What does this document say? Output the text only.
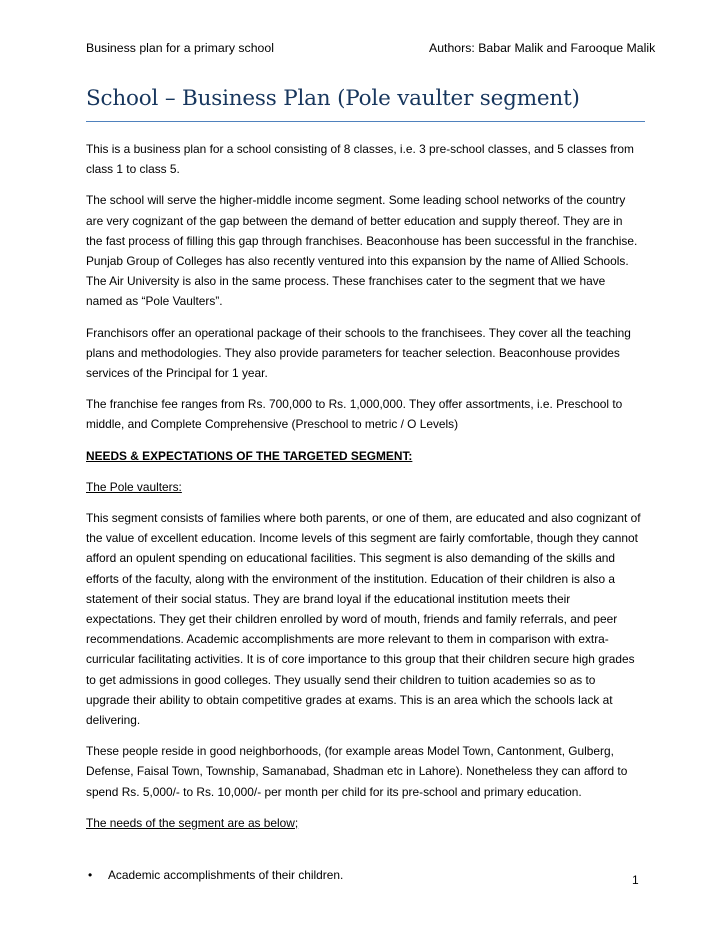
Business plan for a primary school	Authors: Babar Malik and Farooque Malik
School – Business Plan (Pole vaulter segment)

This is a business plan for a school consisting of 8 classes, i.e. 3 pre-school classes, and 5 classes from class 1 to class 5.

The school will serve the higher-middle income segment. Some leading school networks of the country are very cognizant of the gap between the demand of better education and supply thereof. They are in the fast process of filling this gap through franchises. Beaconhouse has been successful in the franchise. Punjab Group of Colleges has also recently ventured into this expansion by the name of Allied Schools. The Air University is also in the same process. These franchises cater to the segment that we have named as “Pole Vaulters”.

Franchisors offer an operational package of their schools to the franchisees. They cover all the teaching plans and methodologies. They also provide parameters for teacher selection. Beaconhouse provides services of the Principal for 1 year.

The franchise fee ranges from Rs. 700,000 to Rs. 1,000,000. They offer assortments, i.e. Preschool to middle, and Complete Comprehensive (Preschool to metric / O Levels)

NEEDS & EXPECTATIONS OF THE TARGETED SEGMENT:

The Pole vaulters:

This segment consists of families where both parents, or one of them, are educated and also cognizant of the value of excellent education. Income levels of this segment are fairly comfortable, though they cannot afford an opulent spending on educational facilities. This segment is also demanding of the skills and efforts of the faculty, along with the environment of the institution. Education of their children is also a statement of their social status. They are brand loyal if the educational institution meets their expectations. They get their children enrolled by word of mouth, friends and family referrals, and peer recommendations. Academic accomplishments are more relevant to them in comparison with extra-curricular facilitating activities. It is of core importance to this group that their children secure high grades to get admissions in good colleges. They usually send their children to tuition academies so as to upgrade their ability to obtain competitive grades at exams. This is an area which the schools lack at delivering.

These people reside in good neighborhoods, (for example areas Model Town, Cantonment, Gulberg, Defense, Faisal Town, Township, Samanabad, Shadman etc in Lahore). Nonetheless they can afford to spend Rs. 5,000/- to Rs. 10,000/- per month per child for its pre-school and primary education.

The needs of the segment are as below;

• Academic accomplishments of their children.	1
